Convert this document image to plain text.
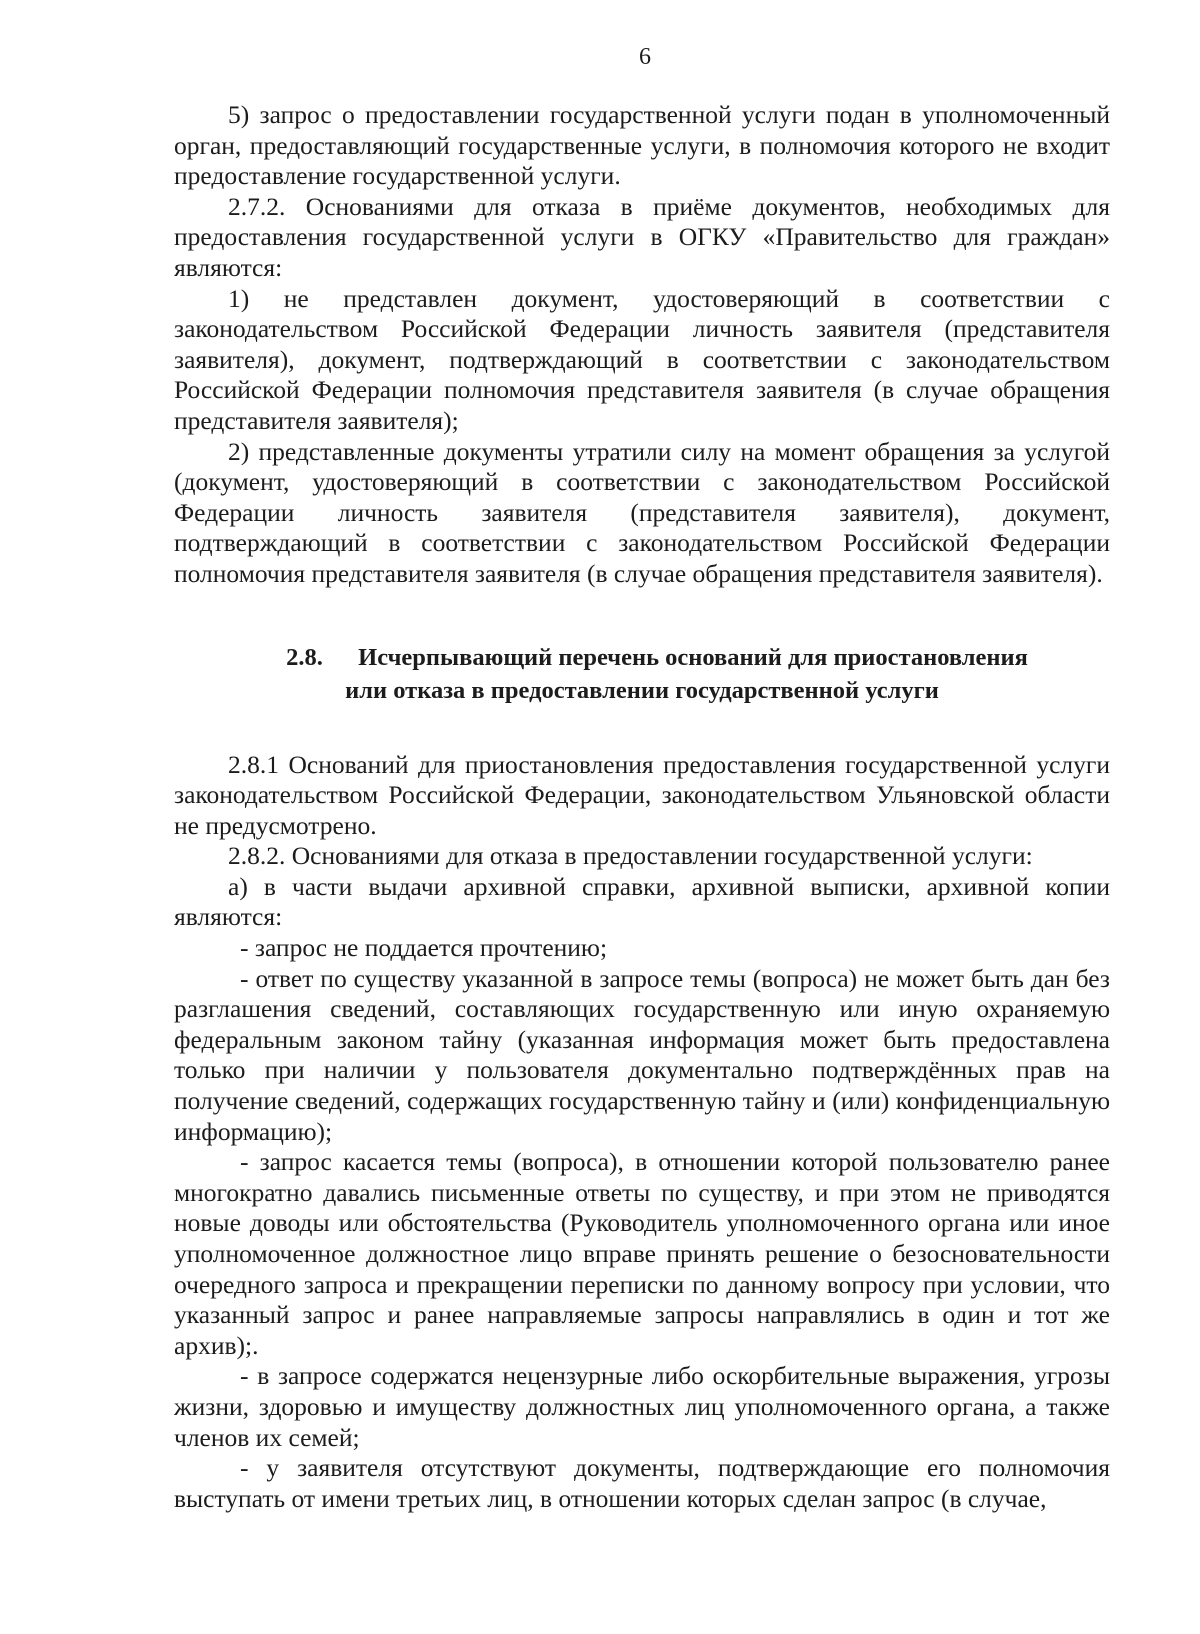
6

5) запрос о предоставлении государственной услуги подан в уполномоченный орган, предоставляющий государственные услуги, в полномочия которого не входит предоставление государственной услуги.

2.7.2. Основаниями для отказа в приёме документов, необходимых для предоставления государственной услуги в ОГКУ «Правительство для граждан» являются:

1) не представлен документ, удостоверяющий в соответствии с законодательством Российской Федерации личность заявителя (представителя заявителя), документ, подтверждающий в соответствии с законодательством Российской Федерации полномочия представителя заявителя (в случае обращения представителя заявителя);

2) представленные документы утратили силу на момент обращения за услугой (документ, удостоверяющий в соответствии с законодательством Российской Федерации личность заявителя (представителя заявителя), документ, подтверждающий в соответствии с законодательством Российской Федерации полномочия представителя заявителя (в случае обращения представителя заявителя).

2.8. Исчерпывающий перечень оснований для приостановления

или отказа в предоставлении государственной услуги

2.8.1 Оснований для приостановления предоставления государственной услуги законодательством Российской Федерации, законодательством Ульяновской области не предусмотрено.

2.8.2. Основаниями для отказа в предоставлении государственной услуги:

а) в части выдачи архивной справки, архивной выписки, архивной копии являются:

- запрос не поддается прочтению;

- ответ по существу указанной в запросе темы (вопроса) не может быть дан без разглашения сведений, составляющих государственную или иную охраняемую федеральным законом тайну (указанная информация может быть предоставлена только при наличии у пользователя документально подтверждённых прав на получение сведений, содержащих государственную тайну и (или) конфиденциальную информацию);

- запрос касается темы (вопроса), в отношении которой пользователю ранее многократно давались письменные ответы по существу, и при этом не приводятся новые доводы или обстоятельства (Руководитель уполномоченного органа или иное уполномоченное должностное лицо вправе принять решение о безосновательности очередного запроса и прекращении переписки по данному вопросу при условии, что указанный запрос и ранее направляемые запросы направлялись в один и тот же архив);.

- в запросе содержатся нецензурные либо оскорбительные выражения, угрозы жизни, здоровью и имуществу должностных лиц уполномоченного органа, а также членов их семей;

- у заявителя отсутствуют документы, подтверждающие его полномочия выступать от имени третьих лиц, в отношении которых сделан запрос (в случае,
